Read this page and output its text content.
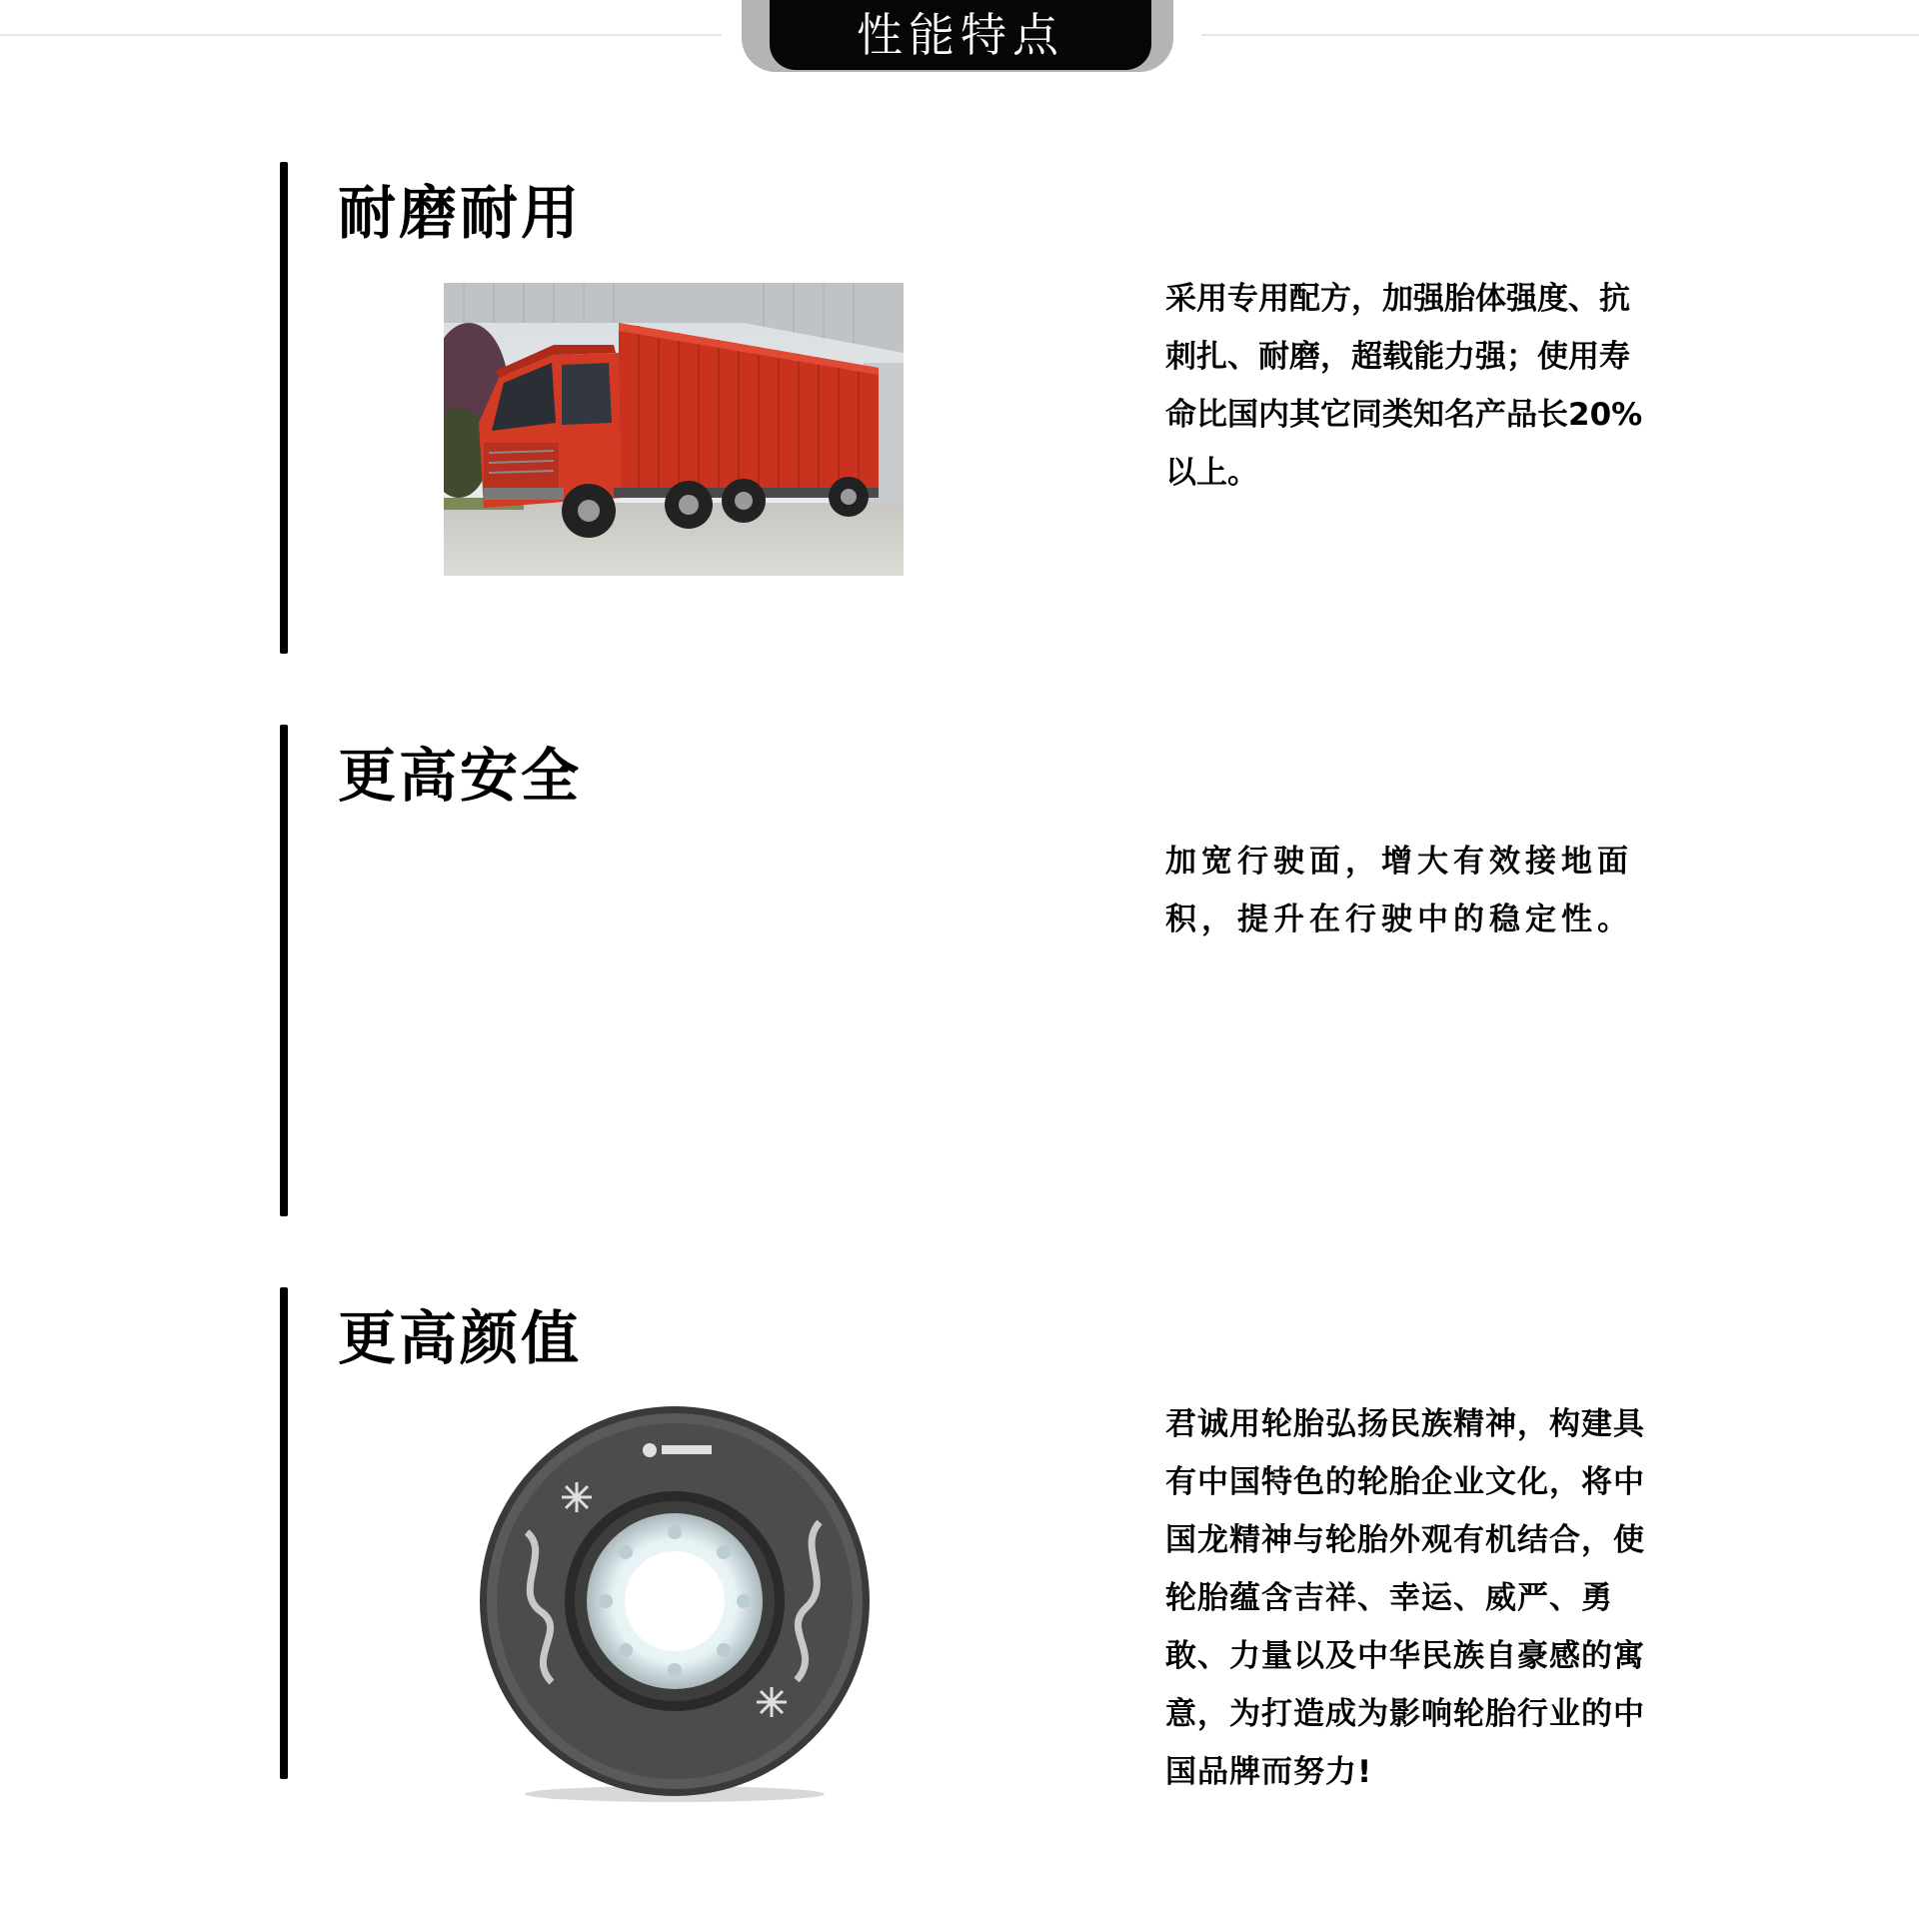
性能特点
耐磨耐用

采用专用配方，加强胎体强度、抗刺扎、耐磨，超载能力强；使用寿命比国内其它同类知名产品长20%以上。

更高安全

加宽行驶面，增大有效接地面积，提升在行驶中的稳定性。

更高颜值

君诚用轮胎弘扬民族精神，构建具有中国特色的轮胎企业文化，将中国龙精神与轮胎外观有机结合，使轮胎蕴含吉祥、幸运、威严、勇敢、力量以及中华民族自豪感的寓意，为打造成为影响轮胎行业的中国品牌而努力!
